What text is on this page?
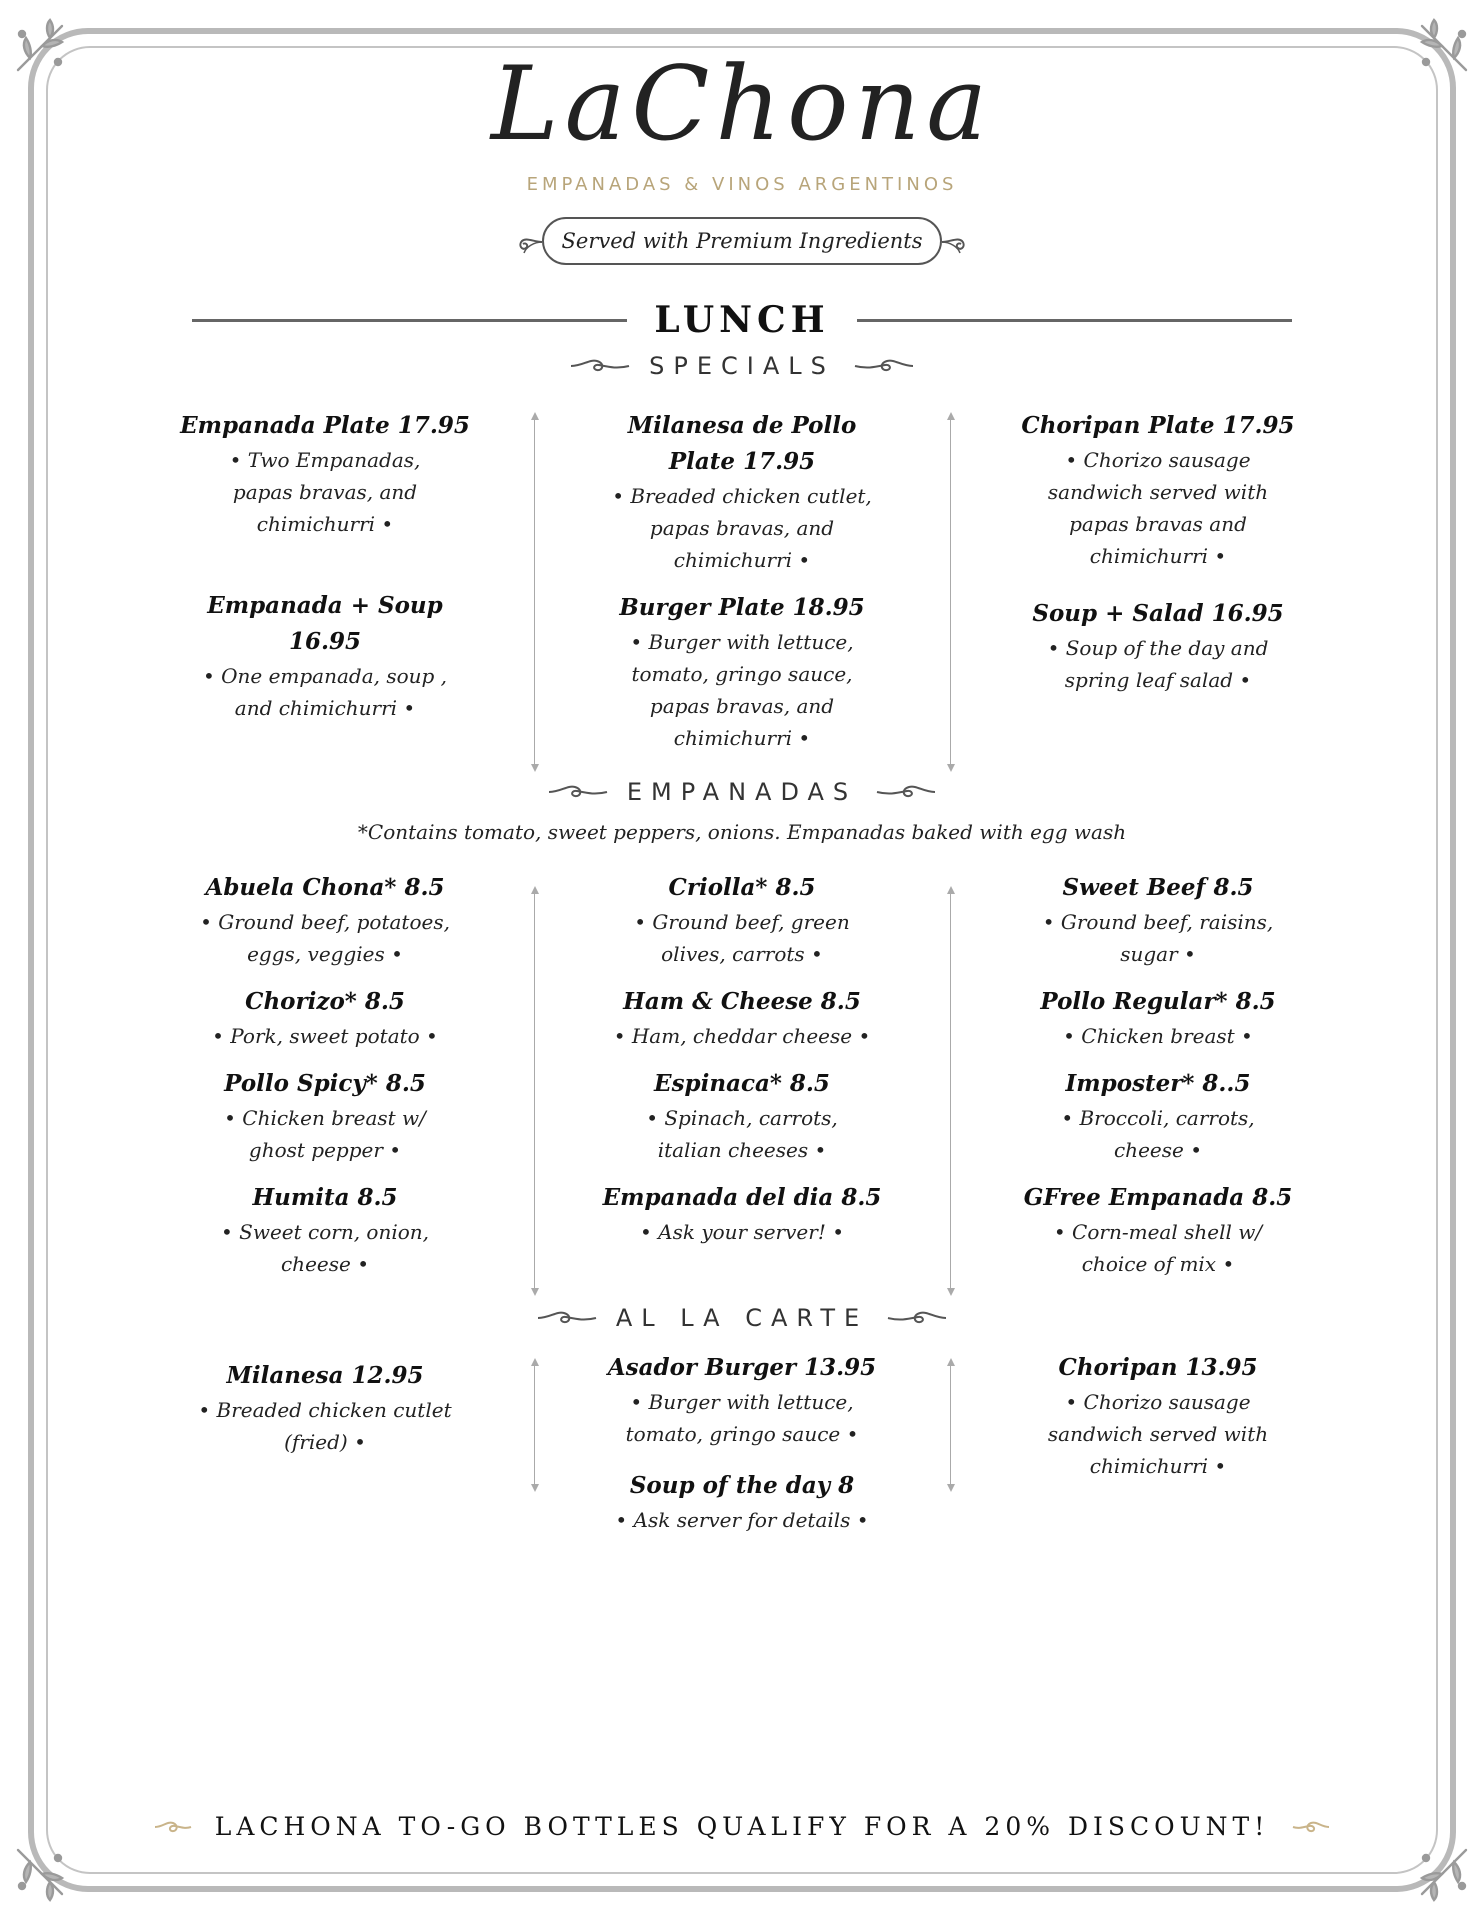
LaChona
EMPANADAS & VINOS ARGENTINOS
Served with Premium Ingredients
LUNCH
SPECIALS
Empanada Plate 17.95
• Two Empanadas,
papas bravas, and
chimichurri •
Empanada + Soup
16.95
• One empanada, soup ,
and chimichurri •
Milanesa de Pollo
Plate 17.95
• Breaded chicken cutlet,
papas bravas, and
chimichurri •
Burger Plate 18.95
• Burger with lettuce,
tomato, gringo sauce,
papas bravas, and
chimichurri •
Choripan Plate 17.95
• Chorizo sausage
sandwich served with
papas bravas and
chimichurri •
Soup + Salad 16.95
• Soup of the day and
spring leaf salad •
EMPANADAS
*Contains tomato, sweet peppers, onions. Empanadas baked with egg wash
Abuela Chona* 8.5
• Ground beef, potatoes,
eggs, veggies •
Chorizo* 8.5
• Pork, sweet potato •
Pollo Spicy* 8.5
• Chicken breast w/
ghost pepper •
Humita 8.5
• Sweet corn, onion,
cheese •
Criolla* 8.5
• Ground beef, green
olives, carrots •
Ham & Cheese 8.5
• Ham, cheddar cheese •
Espinaca* 8.5
• Spinach, carrots,
italian cheeses •
Empanada del dia 8.5
• Ask your server! •
Sweet Beef 8.5
• Ground beef, raisins,
sugar •
Pollo Regular* 8.5
• Chicken breast •
Imposter* 8..5
• Broccoli, carrots,
cheese •
GFree Empanada 8.5
• Corn-meal shell w/
choice of mix •
AL LA CARTE
Milanesa 12.95
• Breaded chicken cutlet
(fried) •
Asador Burger 13.95
• Burger with lettuce,
tomato, gringo sauce •
Soup of the day 8
• Ask server for details •
Choripan 13.95
• Chorizo sausage
sandwich served with
chimichurri •
LACHONA TO-GO BOTTLES QUALIFY FOR A 20% DISCOUNT!
